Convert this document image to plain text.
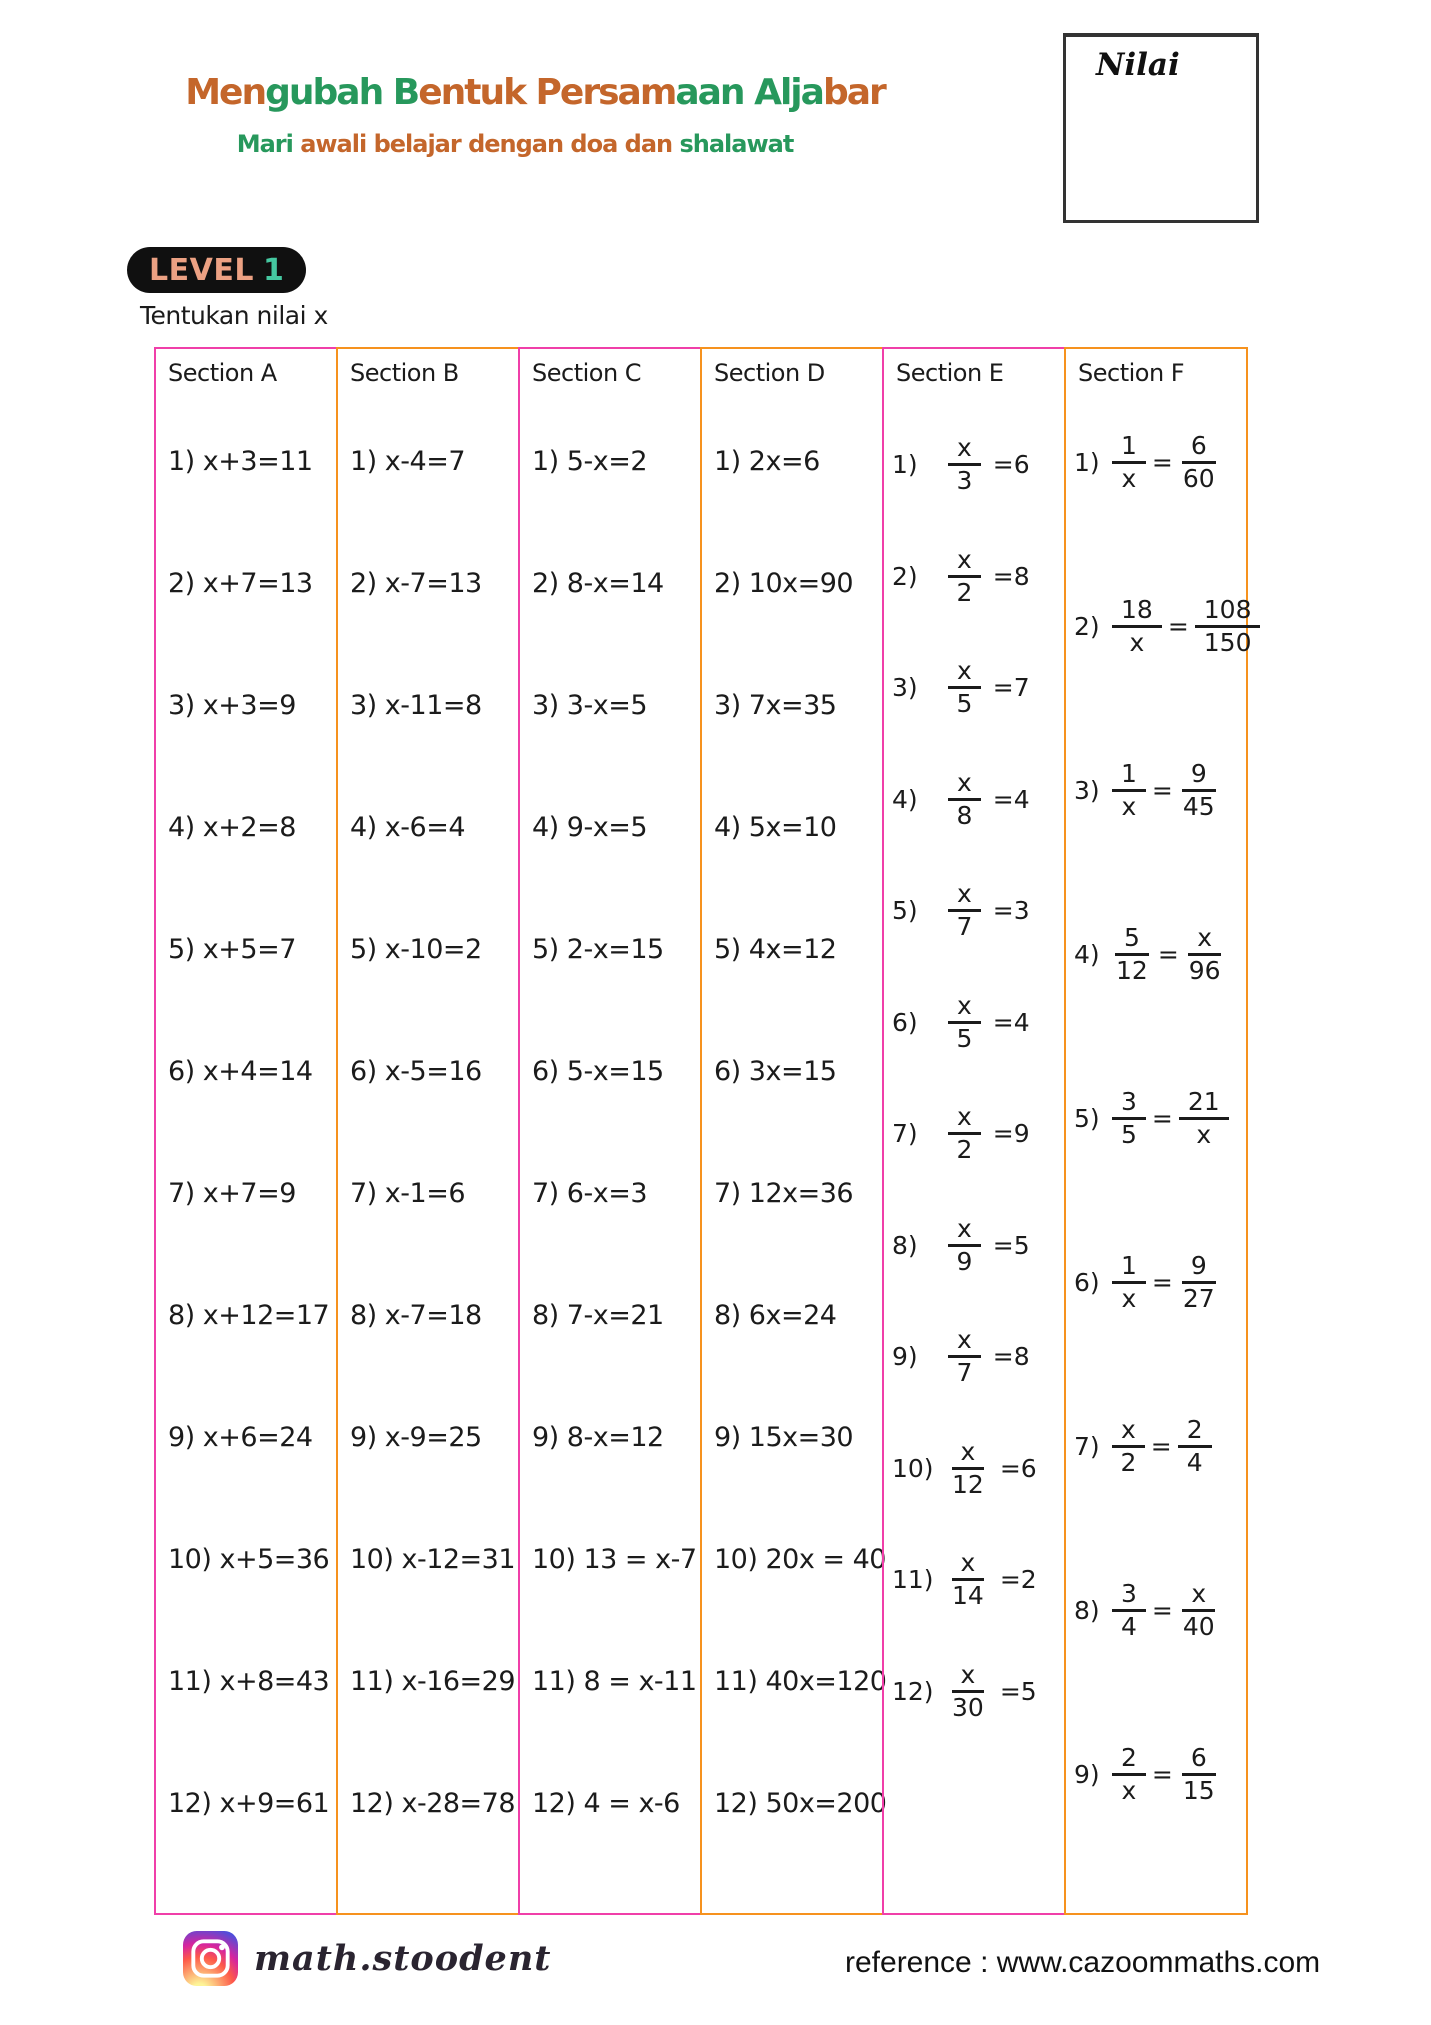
Nilai
Mengubah Bentuk Persamaan Aljabar
Mari awali belajar dengan doa dan shalawat
LEVEL 1
Tentukan nilai x
Section A
1) x+3=11
2) x+7=13
3) x+3=9
4) x+2=8
5) x+5=7
6) x+4=14
7) x+7=9
8) x+12=17
9) x+6=24
10) x+5=36
11) x+8=43
12) x+9=61
Section B
1) x-4=7
2) x-7=13
3) x-11=8
4) x-6=4
5) x-10=2
6) x-5=16
7) x-1=6
8) x-7=18
9) x-9=25
10) x-12=31
11) x-16=29
12) x-28=78
Section C
1) 5-x=2
2) 8-x=14
3) 3-x=5
4) 9-x=5
5) 2-x=15
6) 5-x=15
7) 6-x=3
8) 7-x=21
9) 8-x=12
10) 13 = x-7
11) 8 = x-11
12) 4 = x-6
Section D
1) 2x=6
2) 10x=90
3) 7x=35
4) 5x=10
5) 4x=12
6) 3x=15
7) 12x=36
8) 6x=24
9) 15x=30
10) 20x = 40
11) 40x=120
12) 50x=200
Section E
1)	$\frac{x}{3} =6$
2)	$\frac{x}{2} =8$
3)	$\frac{x}{5} =7$
4)	$\frac{x}{8} =4$
5)	$\frac{x}{7} =3$
6)	$\frac{x}{5} =4$
7)	$\frac{x}{2} =9$
8)	$\frac{x}{9} =5$
9)	$\frac{x}{7} =8$
$10) \frac{x}{12} =6$
$11) \frac{x}{14} =2$
$12) \frac{x}{30} =5$
Section F
$1) \frac{1}{x} = \frac{6}{60}$
$2) \frac{18}{x} = \frac{108}{150}$
$3) \frac{1}{x} = \frac{9}{45}$
$4) \frac{5}{12} = \frac{x}{96}$
$5) \frac{3}{5} = \frac{21}{x}$
$6) \frac{1}{x} = \frac{9}{27}$
$7) \frac{x}{2} = \frac{2}{4}$
$8) \frac{3}{4} = \frac{x}{40}$
$9) \frac{2}{x} = \frac{6}{15}$
math.stoodent	reference : www.cazoommaths.com
